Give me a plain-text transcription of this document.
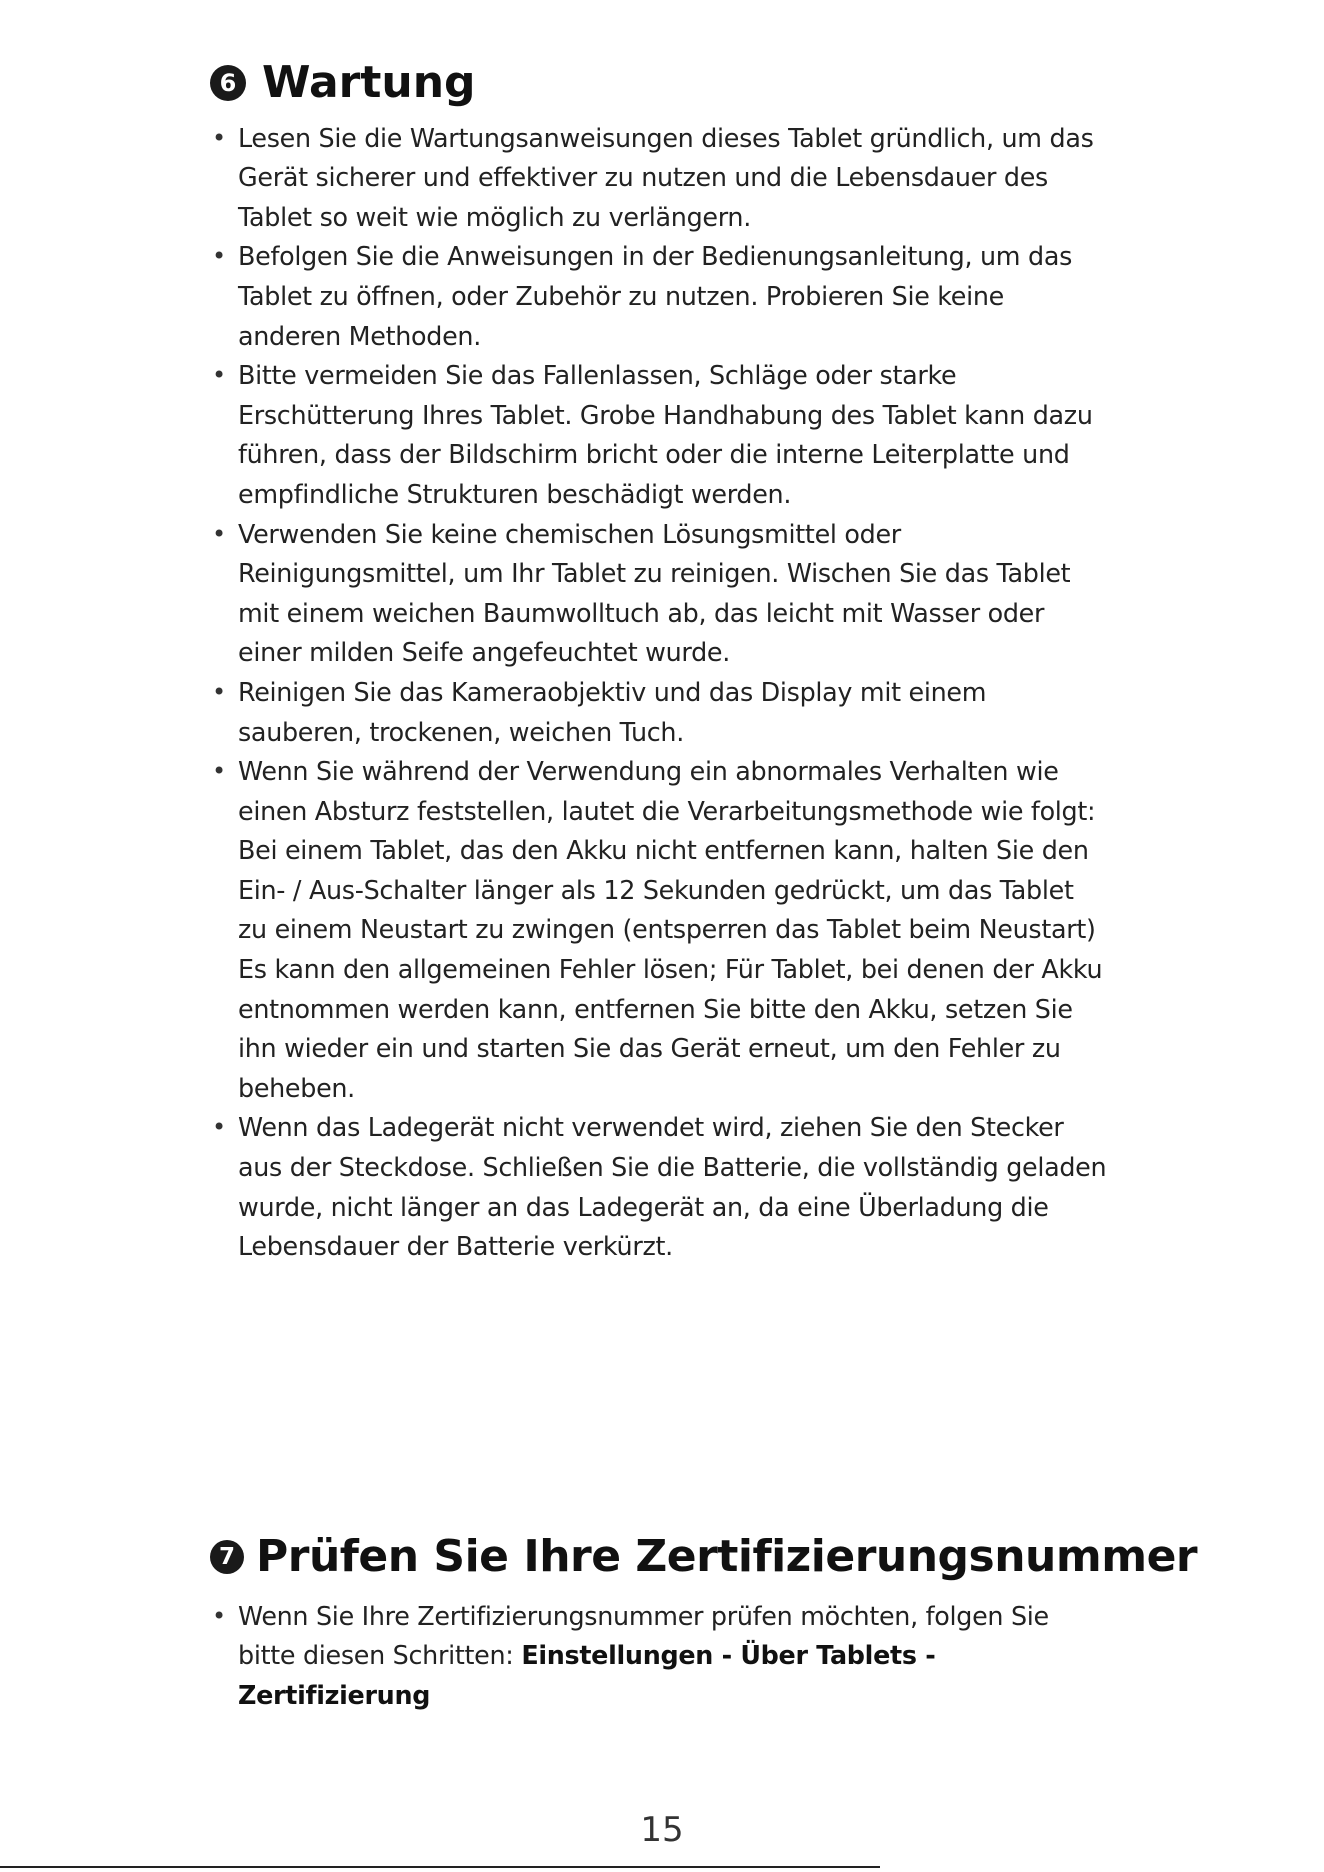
6 Wartung
• Lesen Sie die Wartungsanweisungen dieses Tablet gründlich, um das Gerät sicherer und effektiver zu nutzen und die Lebensdauer des Tablet so weit wie möglich zu verlängern.
• Befolgen Sie die Anweisungen in der Bedienungsanleitung, um das Tablet zu öffnen, oder Zubehör zu nutzen. Probieren Sie keine anderen Methoden.
• Bitte vermeiden Sie das Fallenlassen, Schläge oder starke Erschütterung Ihres Tablet. Grobe Handhabung des Tablet kann dazu führen, dass der Bildschirm bricht oder die interne Leiterplatte und empfindliche Strukturen beschädigt werden.
• Verwenden Sie keine chemischen Lösungsmittel oder Reinigungsmittel, um Ihr Tablet zu reinigen. Wischen Sie das Tablet mit einem weichen Baumwolltuch ab, das leicht mit Wasser oder einer milden Seife angefeuchtet wurde.
• Reinigen Sie das Kameraobjektiv und das Display mit einem sauberen, trockenen, weichen Tuch.
• Wenn Sie während der Verwendung ein abnormales Verhalten wie einen Absturz feststellen, lautet die Verarbeitungsmethode wie folgt: Bei einem Tablet, das den Akku nicht entfernen kann, halten Sie den Ein- / Aus-Schalter länger als 12 Sekunden gedrückt, um das Tablet zu einem Neustart zu zwingen (entsperren das Tablet beim Neustart) Es kann den allgemeinen Fehler lösen; Für Tablet, bei denen der Akku entnommen werden kann, entfernen Sie bitte den Akku, setzen Sie ihn wieder ein und starten Sie das Gerät erneut, um den Fehler zu beheben.
• Wenn das Ladegerät nicht verwendet wird, ziehen Sie den Stecker aus der Steckdose. Schließen Sie die Batterie, die vollständig geladen wurde, nicht länger an das Ladegerät an, da eine Überladung die Lebensdauer der Batterie verkürzt.
7 Prüfen Sie Ihre Zertifizierungsnummer
• Wenn Sie Ihre Zertifizierungsnummer prüfen möchten, folgen Sie bitte diesen Schritten: Einstellungen - Über Tablets - Zertifizierung
15
